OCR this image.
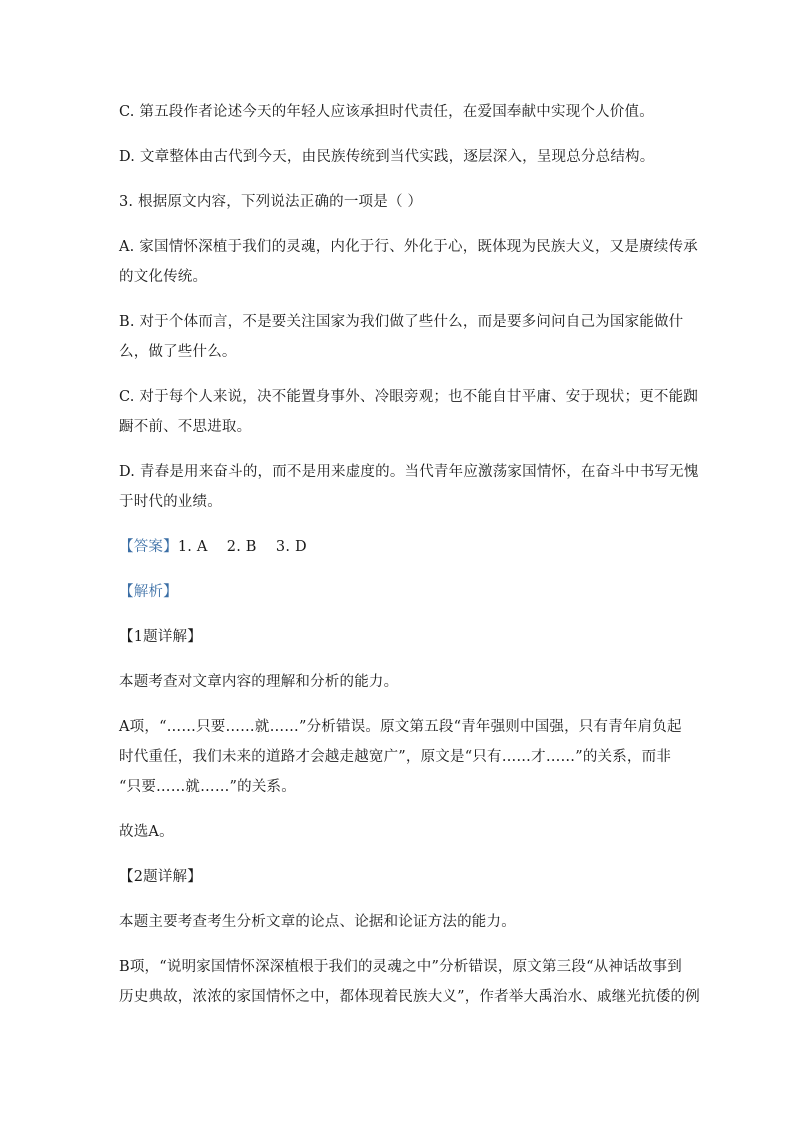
C. 第五段作者论述今天的年轻人应该承担时代责任，在爱国奉献中实现个人价值。
D. 文章整体由古代到今天，由民族传统到当代实践，逐层深入，呈现总分总结构。
3. 根据原文内容，下列说法正确的一项是（ ）
A. 家国情怀深植于我们的灵魂，内化于行、外化于心，既体现为民族大义，又是赓续传承
的文化传统。
B. 对于个体而言，不是要关注国家为我们做了些什么，而是要多问问自己为国家能做什
么，做了些什么。
C. 对于每个人来说，决不能置身事外、冷眼旁观；也不能自甘平庸、安于现状；更不能踟
蹰不前、不思进取。
D. 青春是用来奋斗的，而不是用来虚度的。当代青年应激荡家国情怀，在奋斗中书写无愧
于时代的业绩。
【答案】1. A    2. B    3. D
【解析】
【1题详解】
本题考查对文章内容的理解和分析的能力。
A项，“……只要……就……”分析错误。原文第五段“青年强则中国强，只有青年肩负起
时代重任，我们未来的道路才会越走越宽广”，原文是“只有……才……”的关系，而非
“只要……就……”的关系。
故选A。
【2题详解】
本题主要考查考生分析文章的论点、论据和论证方法的能力。
B项，“说明家国情怀深深植根于我们的灵魂之中”分析错误，原文第三段“从神话故事到
历史典故，浓浓的家国情怀之中，都体现着民族大义”，作者举大禹治水、戚继光抗倭的例
